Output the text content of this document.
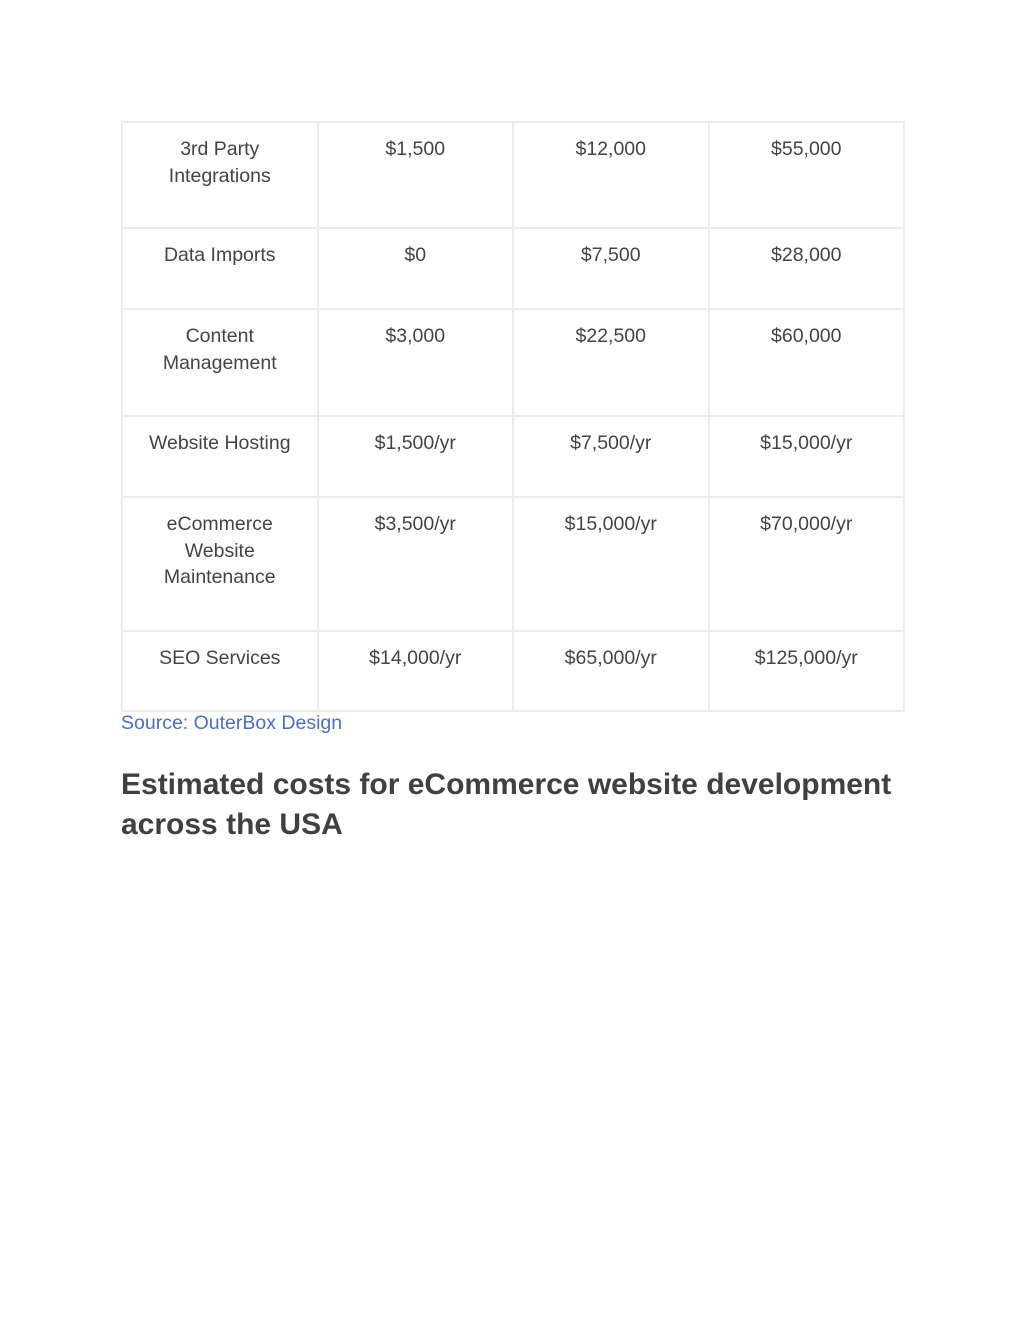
3rd Party Integrations	$1,500	$12,000	$55,000
Data Imports	$0	$7,500	$28,000
Content Management	$3,000	$22,500	$60,000
Website Hosting	$1,500/yr	$7,500/yr	$15,000/yr
eCommerce Website Maintenance	$3,500/yr	$15,000/yr	$70,000/yr
SEO Services	$14,000/yr	$65,000/yr	$125,000/yr
Source: OuterBox Design
Estimated costs for eCommerce website development across the USA
